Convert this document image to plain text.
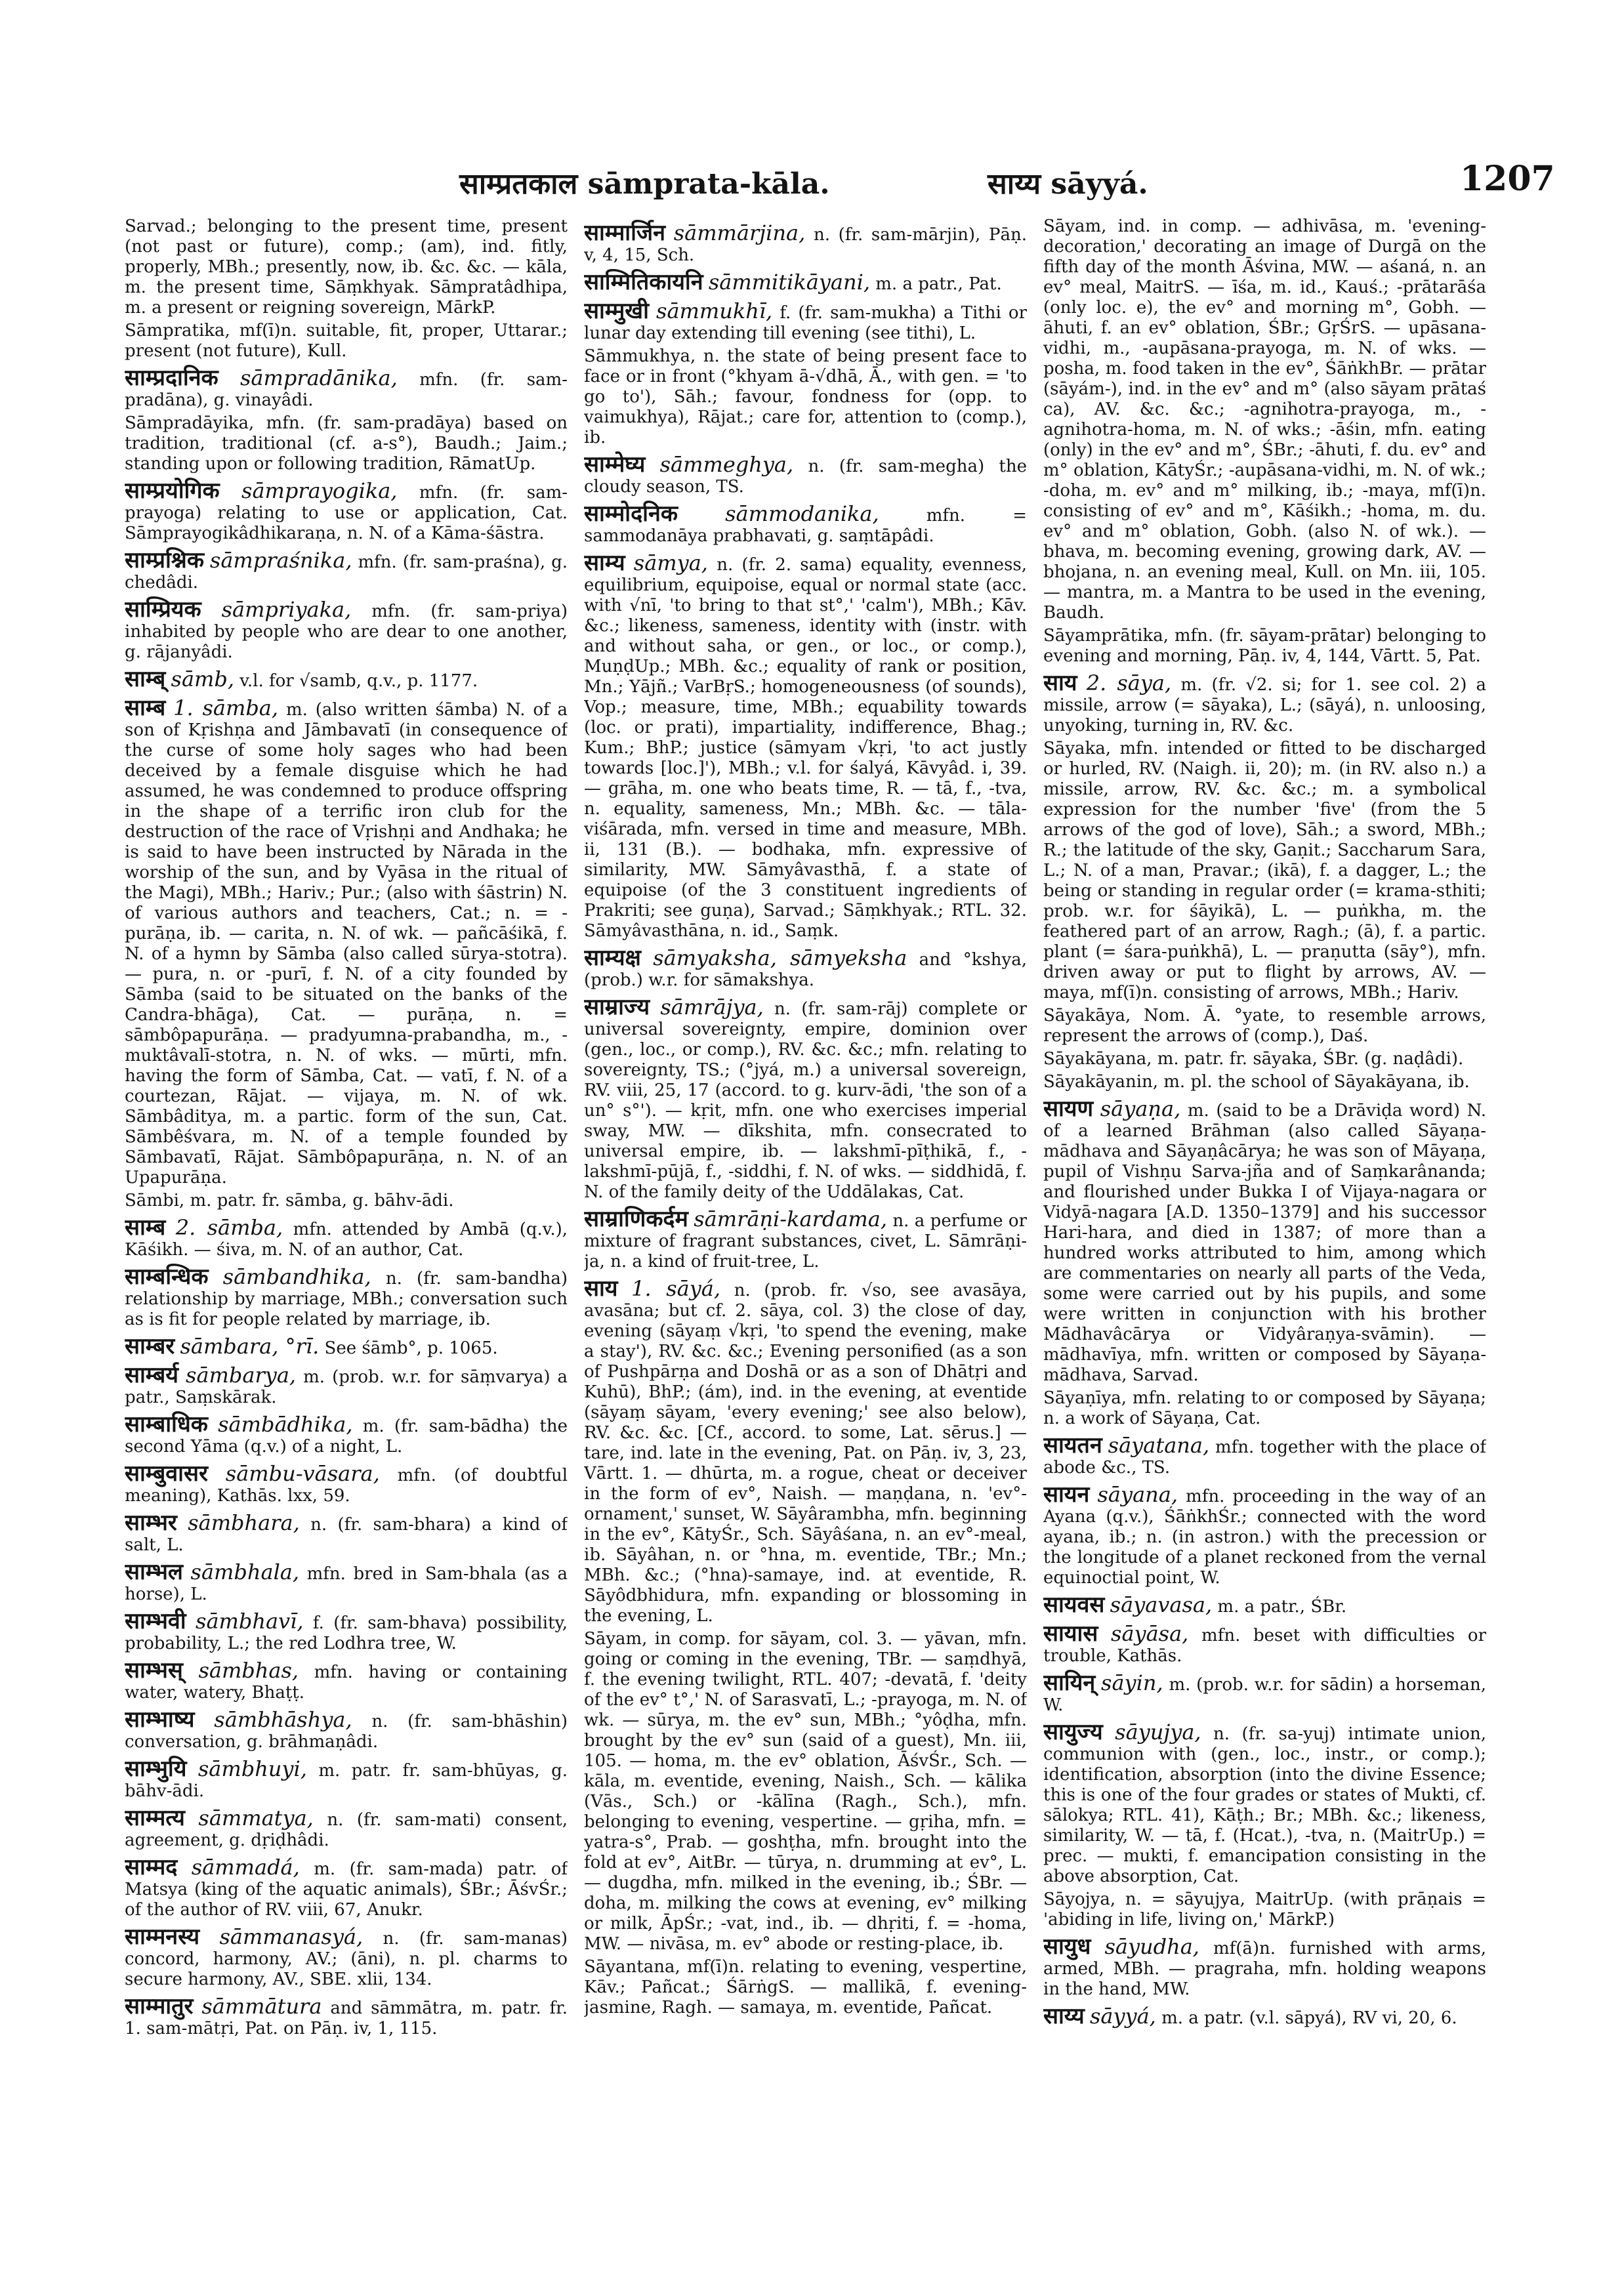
साम्प्रतकाल sāmprata-kāla.	साय्य sāyyá.	1207

Sarvad.; belonging to the present time, present (not past or future), comp.; (am), ind. fitly, properly, MBh.; presently, now, ib. &c. &c. — kāla, m. the present time, Sāṃkhyak. Sāmpratâdhipa, m. a present or reigning sovereign, MārkP.

Sāmpratika, mf(ī)n. suitable, fit, proper, Uttarar.; present (not future), Kull.

साम्प्रदानिक sāmpradānika, mfn. (fr. sam-pradāna), g. vinayâdi.

Sāmpradāyika, mfn. (fr. sam-pradāya) based on tradition, traditional (cf. a-s°), Baudh.; Jaim.; standing upon or following tradition, RāmatUp.

साम्प्रयोगिक sāmprayogika, mfn. (fr. sam-prayoga) relating to use or application, Cat. Sāmprayogikâdhikaraṇa, n. N. of a Kāma-śāstra.

साम्प्रश्निक sāmpraśnika, mfn. (fr. sam-praśna), g. chedâdi.

साम्प्रियक sāmpriyaka, mfn. (fr. sam-priya) inhabited by people who are dear to one another, g. rājanyâdi.

साम्ब् sāmb, v.l. for √samb, q.v., p. 1177.

साम्ब 1. sāmba, m. (also written śāmba) N. of a son of Kṛishṇa and Jāmbavatī (in consequence of the curse of some holy sages who had been deceived by a female disguise which he had assumed, he was condemned to produce offspring in the shape of a terrific iron club for the destruction of the race of Vṛishṇi and Andhaka; he is said to have been instructed by Nārada in the worship of the sun, and by Vyāsa in the ritual of the Magi), MBh.; Hariv.; Pur.; (also with śāstrin) N. of various authors and teachers, Cat.; n. = -purāṇa, ib. — carita, n. N. of wk. — pañcāśikā, f. N. of a hymn by Sāmba (also called sūrya-stotra). — pura, n. or -purī, f. N. of a city founded by Sāmba (said to be situated on the banks of the Candra-bhāga), Cat. — purāṇa, n. = sāmbôpapurāṇa. — pradyumna-prabandha, m., -muktâvalī-stotra, n. N. of wks. — mūrti, mfn. having the form of Sāmba, Cat. — vatī, f. N. of a courtezan, Rājat. — vijaya, m. N. of wk. Sāmbâditya, m. a partic. form of the sun, Cat. Sāmbêśvara, m. N. of a temple founded by Sāmbavatī, Rājat. Sāmbôpapurāṇa, n. N. of an Upapurāṇa.

Sāmbi, m. patr. fr. sāmba, g. bāhv-ādi.

साम्ब 2. sāmba, mfn. attended by Ambā (q.v.), Kāśikh. — śiva, m. N. of an author, Cat.

साम्बन्धिक sāmbandhika, n. (fr. sam-bandha) relationship by marriage, MBh.; conversation such as is fit for people related by marriage, ib.

साम्बर sāmbara, °rī. See śāmb°, p. 1065.

साम्बर्य sāmbarya, m. (prob. w.r. for sāṃvarya) a patr., Saṃskārak.

साम्बाधिक sāmbādhika, m. (fr. sam-bādha) the second Yāma (q.v.) of a night, L.

साम्बुवासर sāmbu-vāsara, mfn. (of doubtful meaning), Kathās. lxx, 59.

साम्भर sāmbhara, n. (fr. sam-bhara) a kind of salt, L.

साम्भल sāmbhala, mfn. bred in Sam-bhala (as a horse), L.

साम्भवी sāmbhavī, f. (fr. sam-bhava) possibility, probability, L.; the red Lodhra tree, W.

साम्भस् sāmbhas, mfn. having or containing water, watery, Bhaṭṭ.

साम्भाष्य sāmbhāshya, n. (fr. sam-bhāshin) conversation, g. brāhmaṇâdi.

साम्भुयि sāmbhuyi, m. patr. fr. sam-bhūyas, g. bāhv-ādi.

साम्मत्य sāmmatya, n. (fr. sam-mati) consent, agreement, g. dṛiḍhâdi.

साम्मद sāmmadá, m. (fr. sam-mada) patr. of Matsya (king of the aquatic animals), ŚBr.; ĀśvŚr.; of the author of RV. viii, 67, Anukr.

साम्मनस्य sāmmanasyá, n. (fr. sam-manas) concord, harmony, AV.; (āni), n. pl. charms to secure harmony, AV., SBE. xlii, 134.

साम्मातुर sāmmātura and sāmmātra, m. patr. fr. 1. sam-mātṛi, Pat. on Pāṇ. iv, 1, 115.

साम्मार्जिन sāmmārjina, n. (fr. sam-mārjin), Pāṇ. v, 4, 15, Sch.

साम्मितिकायनि sāmmitikāyani, m. a patr., Pat.

साम्मुखी sāmmukhī, f. (fr. sam-mukha) a Tithi or lunar day extending till evening (see tithi), L.

Sāmmukhya, n. the state of being present face to face or in front (°khyam ā-√dhā, Ā., with gen. = 'to go to'), Sāh.; favour, fondness for (opp. to vaimukhya), Rājat.; care for, attention to (comp.), ib.

साम्मेघ्य sāmmeghya, n. (fr. sam-megha) the cloudy season, TS.

साम्मोदनिक sāmmodanika,	mfn. = sammodanāya prabhavati, g. saṃtāpâdi.

साम्य sāmya, n. (fr. 2. sama) equality, evenness, equilibrium, equipoise, equal or normal state (acc. with √nī, 'to bring to that st°,' 'calm'), MBh.; Kāv. &c.; likeness, sameness, identity with (instr. with and without saha, or gen., or loc., or comp.), MuṇḍUp.; MBh. &c.; equality of rank or position, Mn.; Yājñ.; VarBṛS.; homogeneousness (of sounds), Vop.; measure, time, MBh.; equability towards (loc. or prati), impartiality, indifference, Bhag.; Kum.; BhP.; justice (sāmyam √kṛi, 'to act justly towards [loc.]'), MBh.; v.l. for śalyá, Kāvyâd. i, 39. — grāha, m. one who beats time, R. — tā, f., -tva, n. equality, sameness, Mn.; MBh. &c. — tāla-viśārada, mfn. versed in time and measure, MBh. ii, 131 (B.). — bodhaka, mfn. expressive of similarity, MW. Sāmyâvasthā, f. a state of equipoise (of the 3 constituent ingredients of Prakriti; see guṇa), Sarvad.; Sāṃkhyak.; RTL. 32. Sāmyâvasthāna, n. id., Saṃk.

साम्यक्ष sāmyaksha, sāmyeksha and °kshya, (prob.) w.r. for sāmakshya.

साम्राज्य sāmrājya, n. (fr. sam-rāj) complete or universal sovereignty, empire, dominion over (gen., loc., or comp.), RV. &c. &c.; mfn. relating to sovereignty, TS.; (°jyá, m.) a universal sovereign, RV. viii, 25, 17 (accord. to g. kurv-ādi, 'the son of a un° s°'). — kṛit, mfn. one who exercises imperial sway, MW. — dīkshita, mfn. consecrated to universal empire, ib. — lakshmī-pīṭhikā, f., -lakshmī-pūjā, f., -siddhi, f. N. of wks. — siddhidā, f. N. of the family deity of the Uddālakas, Cat.

साम्राणिकर्दम sāmrāṇi-kardama, n. a perfume or mixture of fragrant substances, civet, L. Sāmrāṇi-ja, n. a kind of fruit-tree, L.

साय 1. sāyá, n. (prob. fr. √so, see avasāya, avasāna; but cf. 2. sāya, col. 3) the close of day, evening (sāyaṃ √kṛi, 'to spend the evening, make a stay'), RV. &c. &c.; Evening personified (as a son of Pushpārṇa and Doshā or as a son of Dhātṛi and Kuhū), BhP.; (ám), ind. in the evening, at eventide (sāyaṃ sāyam, 'every evening;' see also below), RV. &c. &c. [Cf., accord. to some, Lat. sērus.] — tare, ind. late in the evening, Pat. on Pāṇ. iv, 3, 23, Vārtt. 1. — dhūrta, m. a rogue, cheat or deceiver in the form of ev°, Naish. — maṇḍana, n. 'ev°-ornament,' sunset, W. Sāyârambha, mfn. beginning in the ev°, KātyŚr., Sch. Sāyâśana, n. an ev°-meal, ib. Sāyâhan, n. or °hna, m. eventide, TBr.; Mn.; MBh. &c.; (°hna)-samaye, ind. at eventide, R. Sāyôdbhidura, mfn. expanding or blossoming in the evening, L.

Sāyam, in comp. for sāyam, col. 3. — yāvan, mfn. going or coming in the evening, TBr. — saṃdhyā, f. the evening twilight, RTL. 407; -devatā, f. 'deity of the ev° t°,' N. of Sarasvatī, L.; -prayoga, m. N. of wk. — sūrya, m. the ev° sun, MBh.; °yôḍha, mfn. brought by the ev° sun (said of a guest), Mn. iii, 105. — homa, m. the ev° oblation, ĀśvŚr., Sch. — kāla, m. eventide, evening, Naish., Sch. — kālika (Vās., Sch.) or -kālīna (Ragh., Sch.), mfn. belonging to evening, vespertine. — gṛiha, mfn. = yatra-s°, Prab. — goshṭha, mfn. brought into the fold at ev°, AitBr. — tūrya, n. drumming at ev°, L. — dugdha, mfn. milked in the evening, ib.; ŚBr. — doha, m. milking the cows at evening, ev° milking or milk, ĀpŚr.; -vat, ind., ib. — dhṛiti, f. = -homa, MW. — nivāsa, m. ev° abode or resting-place, ib.

Sāyantana, mf(ī)n. relating to evening, vespertine, Kāv.; Pañcat.; ŚārṅgS. — mallikā, f. evening-jasmine, Ragh. — samaya, m. eventide, Pañcat.

Sāyam, ind. in comp. — adhivāsa, m. 'evening-decoration,' decorating an image of Durgā on the fifth day of the month Āśvina, MW. — aśaná, n. an ev° meal, MaitrS. — īśa, m. id., Kauś.; -prātarāśa (only loc. e), the ev° and morning m°, Gobh. — āhuti, f. an ev° oblation, ŚBr.; GṛŚrS. — upāsana-vidhi, m., -aupāsana-prayoga, m. N. of wks. — posha, m. food taken in the ev°, ŚāṅkhBr. — prātar (sāyám-), ind. in the ev° and m° (also sāyam prātaś ca), AV. &c. &c.; -agnihotra-prayoga, m., -agnihotra-homa, m. N. of wks.; -āśin, mfn. eating (only) in the ev° and m°, ŚBr.; -āhuti, f. du. ev° and m° oblation, KātyŚr.; -aupāsana-vidhi, m. N. of wk.; -doha, m. ev° and m° milking, ib.; -maya, mf(ī)n. consisting of ev° and m°, Kāśikh.; -homa, m. du. ev° and m° oblation, Gobh. (also N. of wk.). — bhava, m. becoming evening, growing dark, AV. — bhojana, n. an evening meal, Kull. on Mn. iii, 105. — mantra, m. a Mantra to be used in the evening, Baudh.

Sāyamprātika, mfn. (fr. sāyam-prātar) belonging to evening and morning, Pāṇ. iv, 4, 144, Vārtt. 5, Pat.

साय 2. sāya, m. (fr. √2. si; for 1. see col. 2) a missile, arrow (= sāyaka), L.; (sāyá), n. unloosing, unyoking, turning in, RV. &c.

Sāyaka, mfn. intended or fitted to be discharged or hurled, RV. (Naigh. ii, 20); m. (in RV. also n.) a missile, arrow, RV. &c. &c.; m. a symbolical expression for the number 'five' (from the 5 arrows of the god of love), Sāh.; a sword, MBh.; R.; the latitude of the sky, Gaṇit.; Saccharum Sara, L.; N. of a man, Pravar.; (ikā), f. a dagger, L.; the being or standing in regular order (= krama-sthiti; prob. w.r. for śāyikā), L. — puṅkha, m. the feathered part of an arrow, Ragh.; (ā), f. a partic. plant (= śara-puṅkhā), L. — praṇutta (sāy°), mfn. driven away or put to flight by arrows, AV. — maya, mf(ī)n. consisting of arrows, MBh.; Hariv.

Sāyakāya, Nom. Ā. °yate, to resemble arrows, represent the arrows of (comp.), Daś.

Sāyakāyana, m. patr. fr. sāyaka, ŚBr. (g. naḍâdi).

Sāyakāyanin, m. pl. the school of Sāyakāyana, ib.

सायण sāyaṇa, m. (said to be a Drāviḍa word) N. of a learned Brāhman (also called Sāyaṇa-mādhava and Sāyaṇâcārya; he was son of Māyaṇa, pupil of Vishṇu Sarva-jña and of Saṃkarânanda; and flourished under Bukka I of Vijaya-nagara or Vidyā-nagara [A.D. 1350–1379] and his successor Hari-hara, and died in 1387; of more than a hundred works attributed to him, among which are commentaries on nearly all parts of the Veda, some were carried out by his pupils, and some were written in conjunction with his brother Mādhavâcārya or Vidyâraṇya-svāmin). — mādhavīya, mfn. written or composed by Sāyaṇa-mādhava, Sarvad.

Sāyaṇīya, mfn. relating to or composed by Sāyaṇa; n. a work of Sāyaṇa, Cat.

सायतन sāyatana, mfn. together with the place of abode &c., TS.

सायन sāyana, mfn. proceeding in the way of an Ayana (q.v.), ŚāṅkhŚr.; connected with the word ayana, ib.; n. (in astron.) with the precession or the longitude of a planet reckoned from the vernal equinoctial point, W.

सायवस sāyavasa, m. a patr., ŚBr.

सायास sāyāsa, mfn. beset with difficulties or trouble, Kathās.

सायिन् sāyin, m. (prob. w.r. for sādin) a horseman, W.

सायुज्य sāyujya, n. (fr. sa-yuj) intimate union, communion with (gen., loc., instr., or comp.); identification, absorption (into the divine Essence; this is one of the four grades or states of Mukti, cf. sālokya; RTL. 41), Kāṭh.; Br.; MBh. &c.; likeness, similarity, W. — tā, f. (Hcat.), -tva, n. (MaitrUp.) = prec. — mukti, f. emancipation consisting in the above absorption, Cat.

Sāyojya, n. = sāyujya, MaitrUp. (with prāṇais = 'abiding in life, living on,' MārkP.)

सायुध sāyudha, mf(ā)n. furnished with arms, armed, MBh. — pragraha, mfn. holding weapons in the hand, MW.

साय्य sāyyá, m. a patr. (v.l. sāpyá), RV vi, 20, 6.
